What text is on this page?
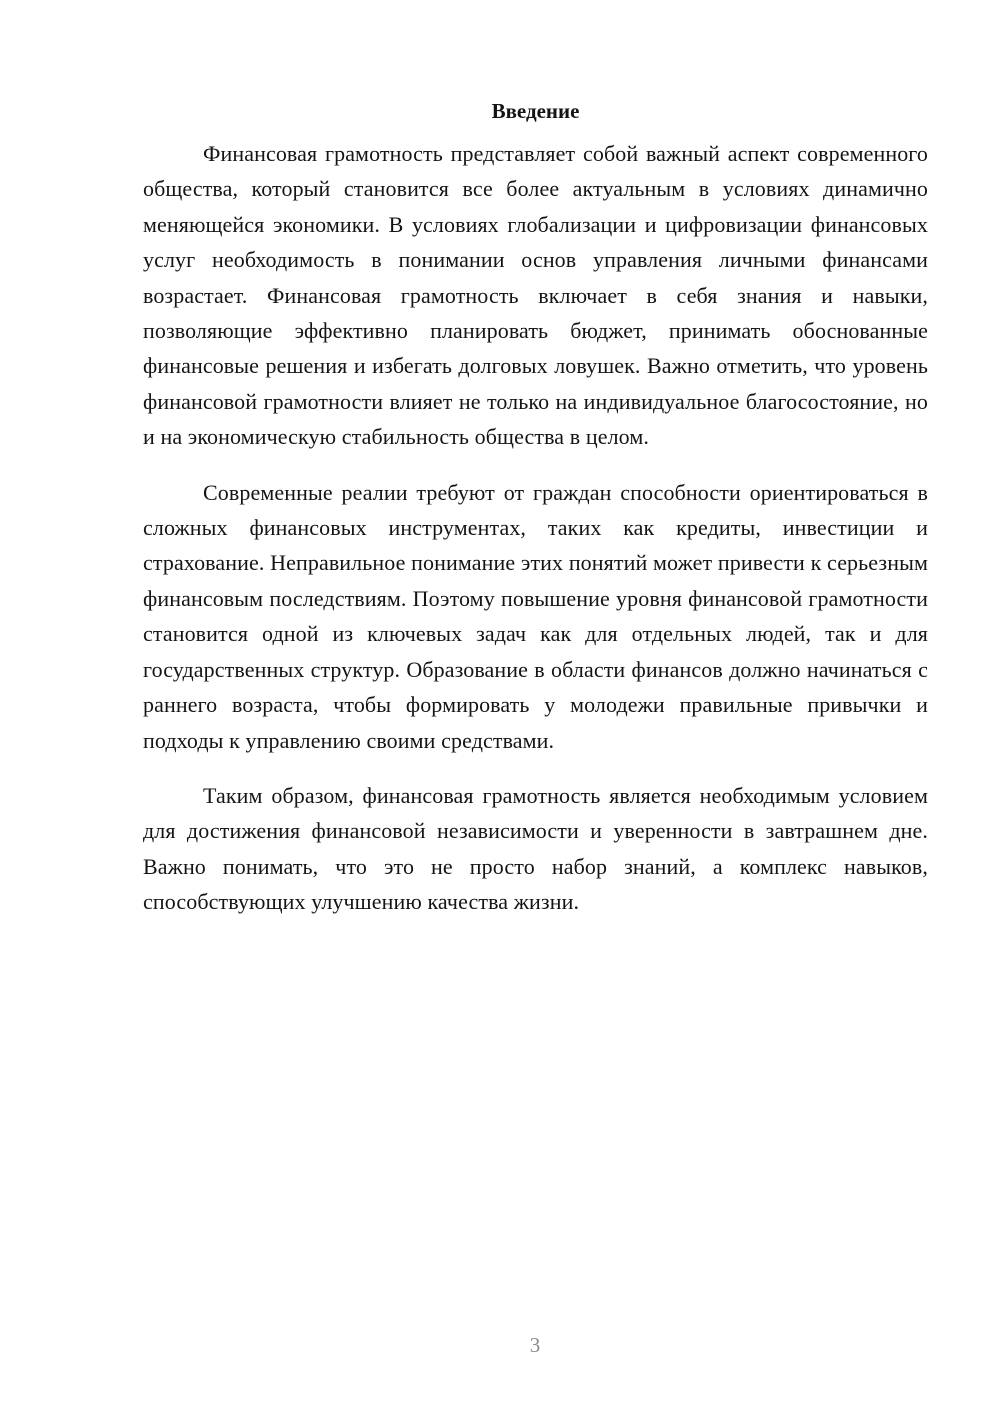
Введение

Финансовая грамотность представляет собой важный аспект современного общества, который становится все более актуальным в условиях динамично меняющейся экономики. В условиях глобализации и цифровизации финансовых услуг необходимость в понимании основ управления личными финансами возрастает. Финансовая грамотность включает в себя знания и навыки, позволяющие эффективно планировать бюджет, принимать обоснованные финансовые решения и избегать долговых ловушек. Важно отметить, что уровень финансовой грамотности влияет не только на индивидуальное благосостояние, но и на экономическую стабильность общества в целом.

Современные реалии требуют от граждан способности ориентироваться в сложных финансовых инструментах, таких как кредиты, инвестиции и страхование. Неправильное понимание этих понятий может привести к серьезным финансовым последствиям. Поэтому повышение уровня финансовой грамотности становится одной из ключевых задач как для отдельных людей, так и для государственных структур. Образование в области финансов должно начинаться с раннего возраста, чтобы формировать у молодежи правильные привычки и подходы к управлению своими средствами.

Таким образом, финансовая грамотность является необходимым условием для достижения финансовой независимости и уверенности в завтрашнем дне. Важно понимать, что это не просто набор знаний, а комплекс навыков, способствующих улучшению качества жизни.

3
